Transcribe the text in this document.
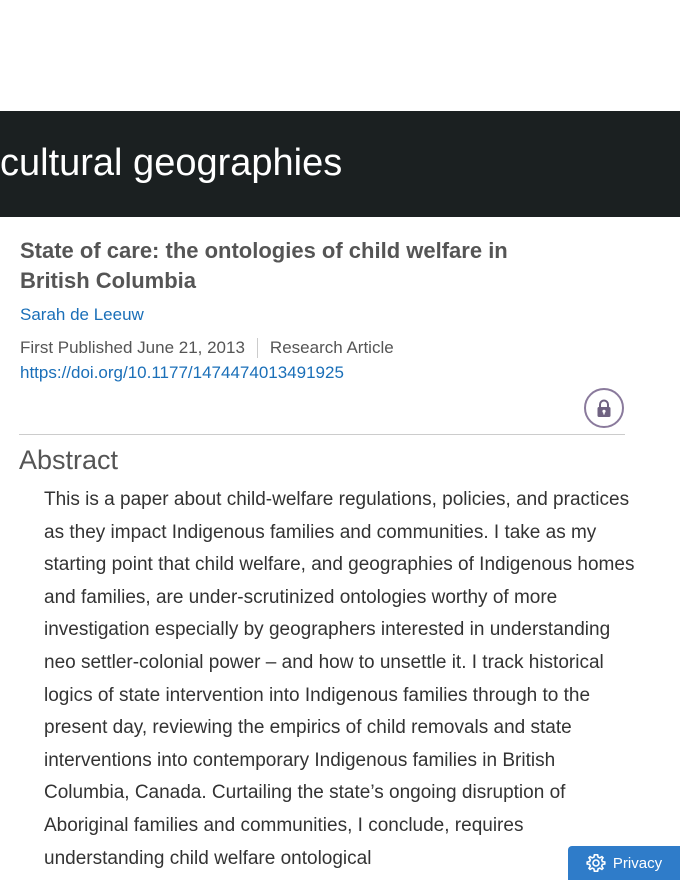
cultural geographies
State of care: the ontologies of child welfare in British Columbia
Sarah de Leeuw
First Published June 21, 2013 Research Article
https://doi.org/10.1177/1474474013491925
Abstract

This is a paper about child-welfare regulations, policies, and practices as they impact Indigenous families and communities. I take as my starting point that child welfare, and geographies of Indigenous homes and families, are under-scrutinized ontologies worthy of more investigation especially by geographers interested in understanding neo settler-colonial power – and how to unsettle it. I track historical logics of state intervention into Indigenous families through to the present day, reviewing the empirics of child removals and state interventions into contemporary Indigenous families in British Columbia, Canada. Curtailing the state’s ongoing disruption of Aboriginal families and communities, I conclude, requires understanding child welfare ontological	Privacy
